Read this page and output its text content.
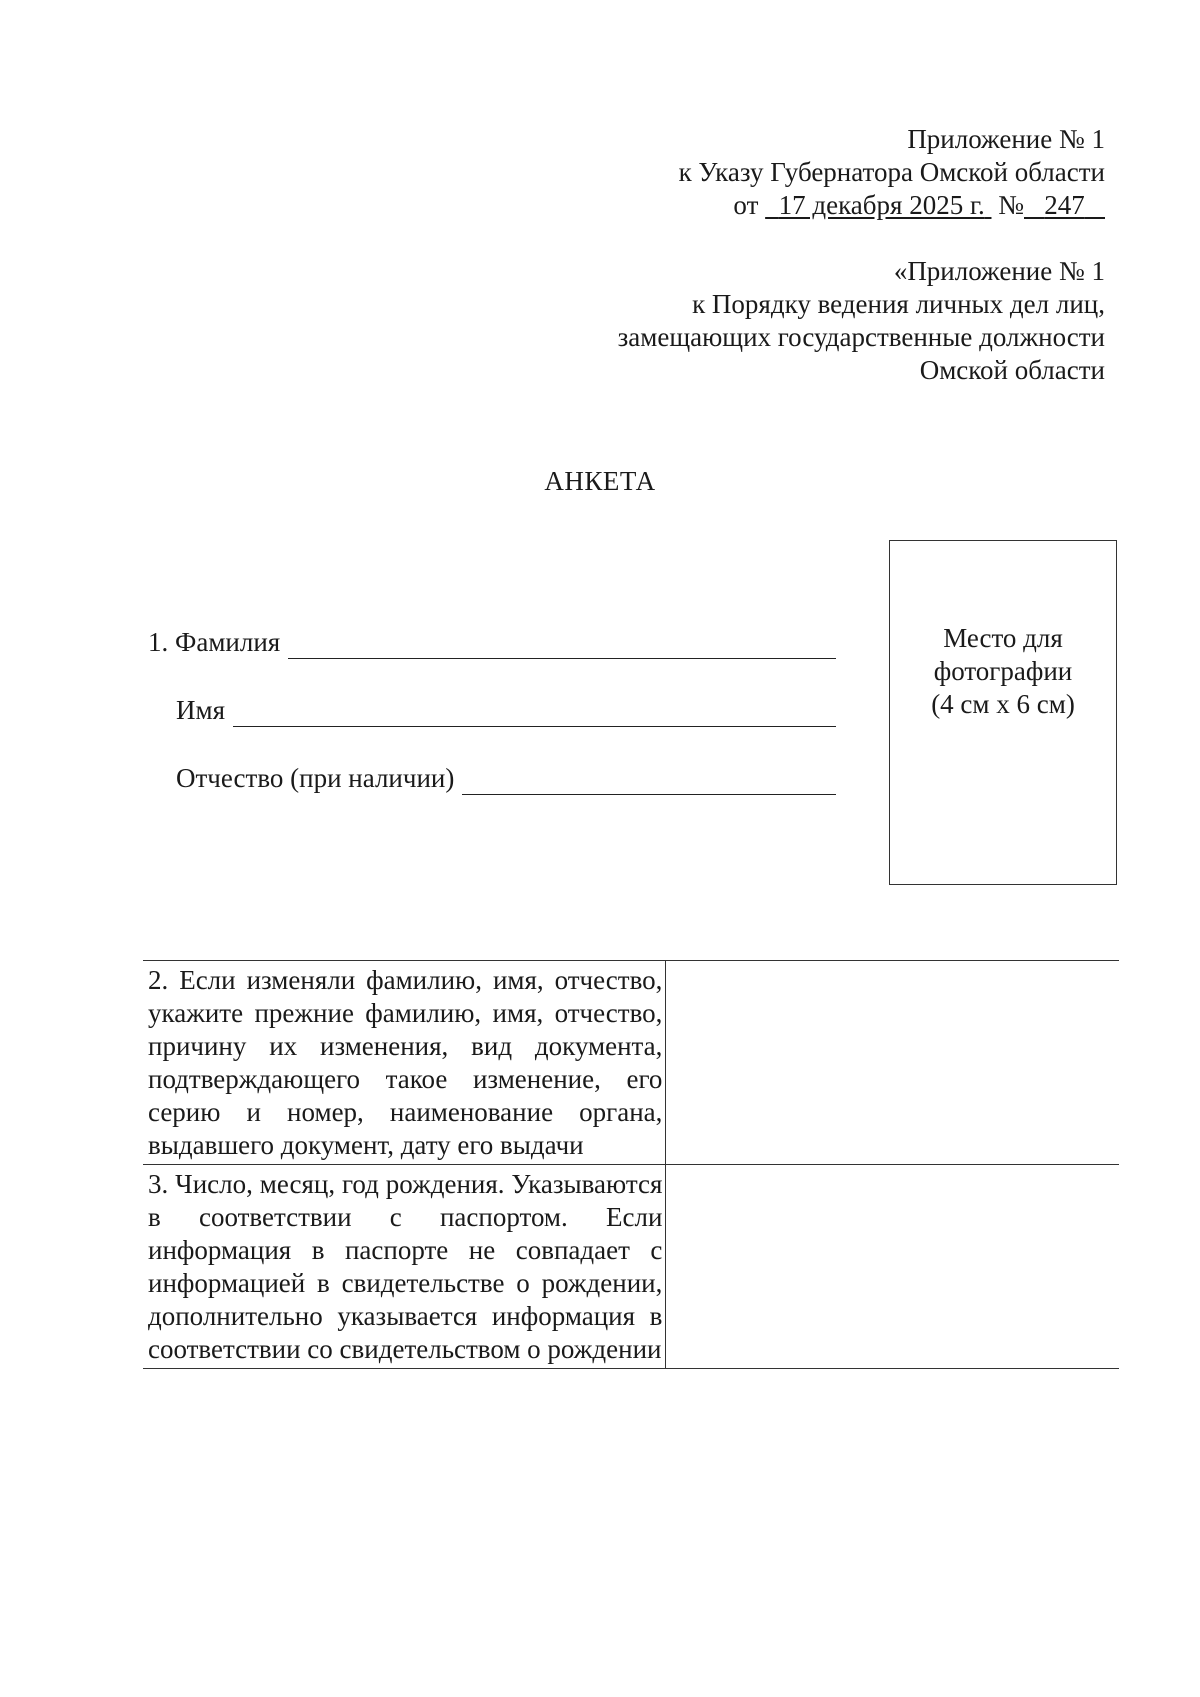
Приложение № 1
к Указу Губернатора Омской области
от 17 декабря 2025 г. № 247
«Приложение № 1
к Порядку ведения личных дел лиц,
замещающих государственные должности
Омской области
АНКЕТА
1. Фамилия
Имя
Отчество (при наличии)
Место для
фотографии
(4 см х 6 см)
2. Если изменяли фамилию, имя, отчество, укажите прежние фамилию, имя, отчество, причину их изменения, вид документа, подтверждающего такое изменение, его серию и номер, наименование органа, выдавшего документ, дату его выдачи	
3. Число, месяц, год рождения. Указываются в соответствии с паспортом. Если информация в паспорте не совпадает с информацией в свидетельстве о рождении, дополнительно указывается информация в соответствии со свидетельством о рождении	
